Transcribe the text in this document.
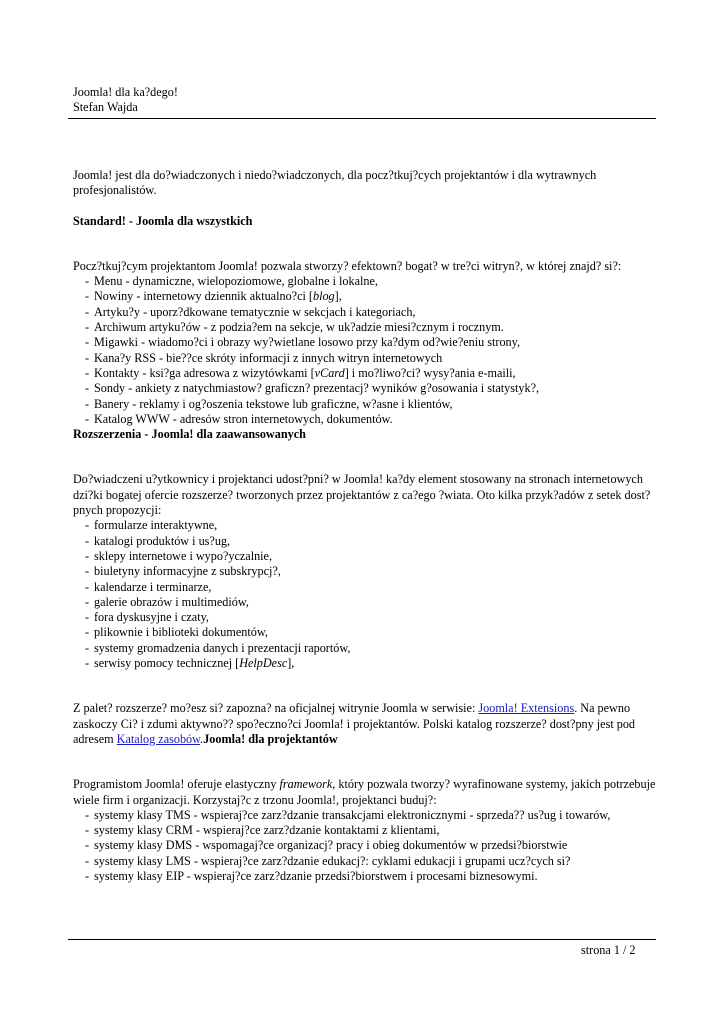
Joomla! dla ka?dego!
Stefan Wajda

Joomla! jest dla do?wiadczonych i niedo?wiadczonych, dla pocz?tkuj?cych projektantów i dla wytrawnych profesjonalistów.

Standard! - Joomla dla wszystkich

Pocz?tkuj?cym projektantom Joomla! pozwala stworzy? efektown? bogat? w tre?ci witryn?, w której znajd? si?:

- Menu - dynamiczne, wielopoziomowe, globalne i lokalne,
- Nowiny - internetowy dziennik aktualno?ci [blog],
- Artyku?y - uporz?dkowane tematycznie w sekcjach i kategoriach,
- Archiwum artyku?ów - z podzia?em na sekcje, w uk?adzie miesi?cznym i rocznym.
- Migawki - wiadomo?ci i obrazy wy?wietlane losowo przy ka?dym od?wie?eniu strony,
- Kana?y RSS - bie??ce skróty informacji z innych witryn internetowych
- Kontakty - ksi?ga adresowa z wizytówkami [vCard] i mo?liwo?ci? wysy?ania e-maili,
- Sondy - ankiety z natychmiastow? graficzn? prezentacj? wyników g?osowania i statystyk?,
- Banery - reklamy i og?oszenia tekstowe lub graficzne, w?asne i klientów,
- Katalog WWW - adresów stron internetowych, dokumentów.

Rozszerzenia - Joomla! dla zaawansowanych

Do?wiadczeni u?ytkownicy i projektanci udost?pni? w Joomla! ka?dy element stosowany na stronach internetowych dzi?ki bogatej ofercie rozszerze? tworzonych przez projektantów z ca?ego ?wiata. Oto kilka przyk?adów z setek dost?pnych propozycji:

- formularze interaktywne,
- katalogi produktów i us?ug,
- sklepy internetowe i wypo?yczalnie,
- biuletyny informacyjne z subskrypcj?,
- kalendarze i terminarze,
- galerie obrazów i multimediów,
- fora dyskusyjne i czaty,
- plikownie i biblioteki dokumentów,
- systemy gromadzenia danych i prezentacji raportów,
- serwisy pomocy technicznej [HelpDesc],

Z palet? rozszerze? mo?esz si? zapozna? na oficjalnej witrynie Joomla w serwisie: Joomla! Extensions. Na pewno zaskoczy Ci? i zdumi aktywno?? spo?eczno?ci Joomla! i projektantów. Polski katalog rozszerze? dost?pny jest pod adresem Katalog zasobów.Joomla! dla projektantów

Programistom Joomla! oferuje elastyczny framework, który pozwala tworzy? wyrafinowane systemy, jakich potrzebuje wiele firm i organizacji. Korzystaj?c z trzonu Joomla!, projektanci buduj?:

- systemy klasy TMS - wspieraj?ce zarz?dzanie transakcjami elektronicznymi - sprzeda?? us?ug i towarów,
- systemy klasy CRM - wspieraj?ce zarz?dzanie kontaktami z klientami,
- systemy klasy DMS - wspomagaj?ce organizacj? pracy i obieg dokumentów w przedsi?biorstwie
- systemy klasy LMS - wspieraj?ce zarz?dzanie edukacj?: cyklami edukacji i grupami ucz?cych si?
- systemy klasy EIP - wspieraj?ce zarz?dzanie przedsi?biorstwem i procesami biznesowymi.
strona 1 / 2
